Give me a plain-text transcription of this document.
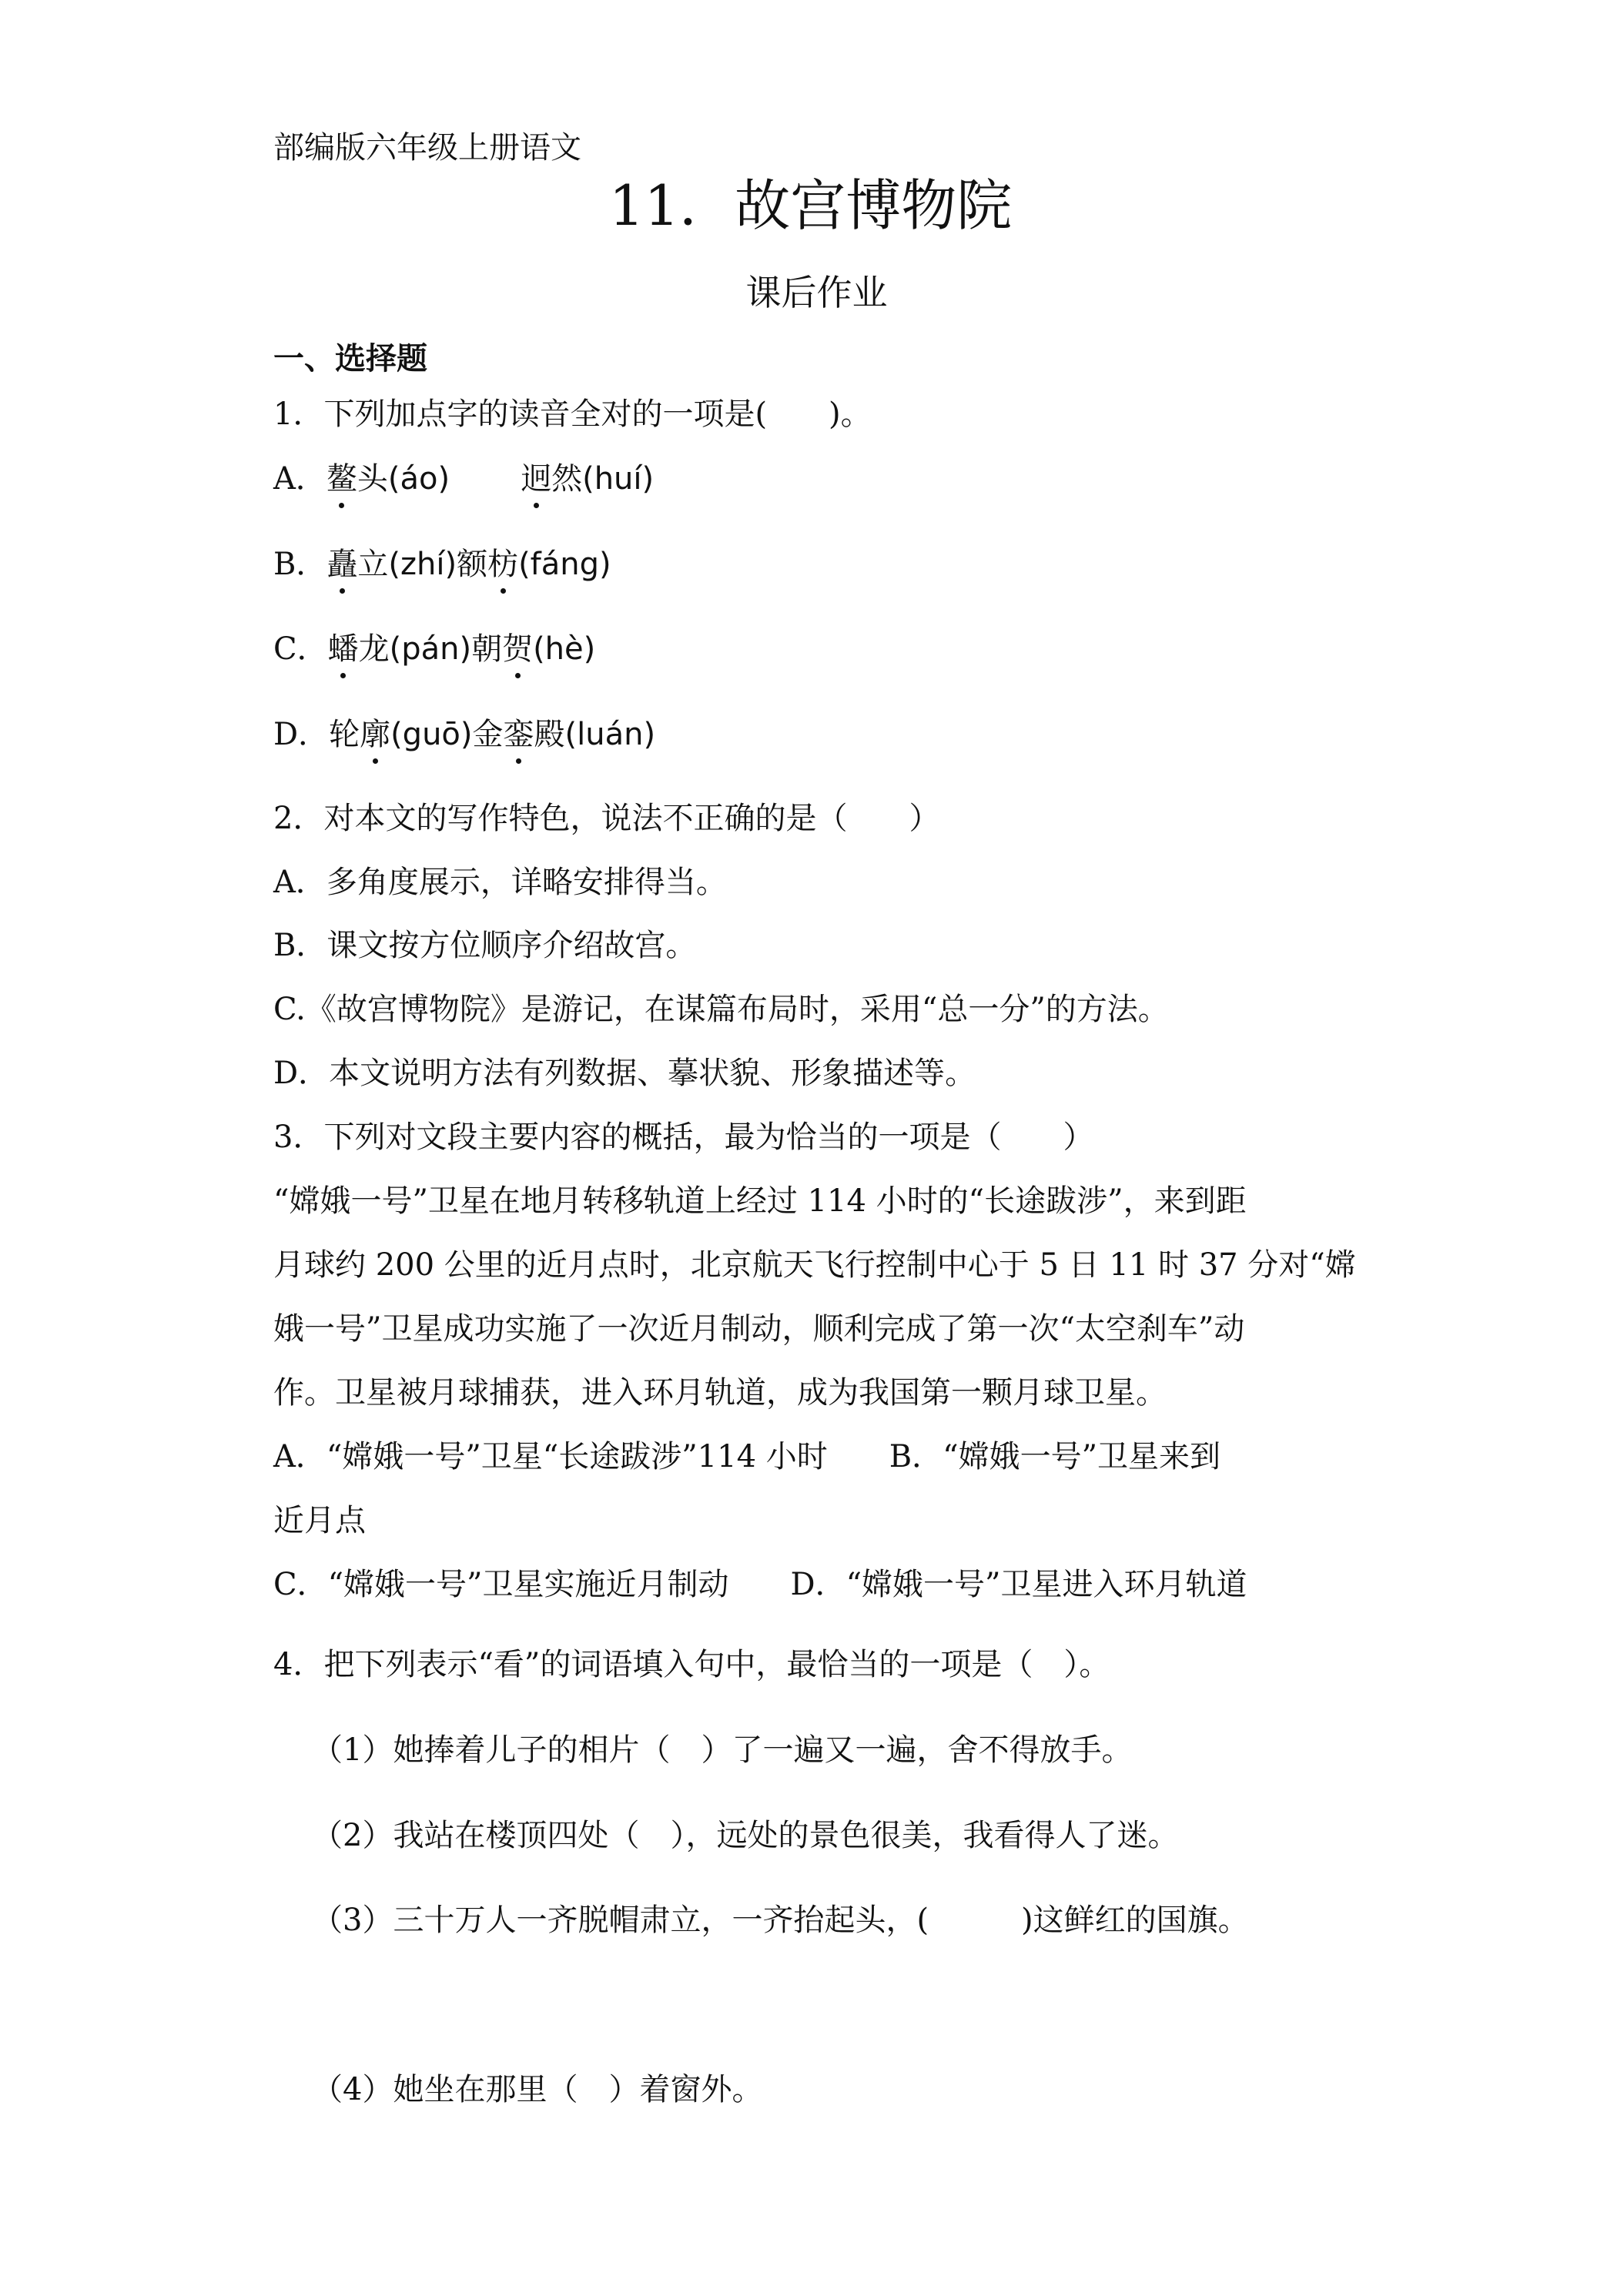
部编版六年级上册语文
11．故宫博物院
课后作业
一、选择题
1．下列加点字的读音全对的一项是(　　)。
A．鳌头(áo) 迥然(huí)
B．矗立(zhí)额枋(fáng)
C．蟠龙(pán)朝贺(hè)
D．轮廓(guō)金銮殿(luán)
2．对本文的写作特色，说法不正确的是（　　）
A．多角度展示，详略安排得当。
B．课文按方位顺序介绍故宫。
C.《故宫博物院》是游记，在谋篇布局时，采用“总一分”的方法。
D．本文说明方法有列数据、摹状貌、形象描述等。
3．下列对文段主要内容的概括，最为恰当的一项是（　　）
“嫦娥一号”卫星在地月转移轨道上经过 114 小时的“长途跋涉”，来到距
月球约 200 公里的近月点时，北京航天飞行控制中心于 5 日 11 时 37 分对“嫦
娥一号”卫星成功实施了一次近月制动，顺利完成了第一次“太空刹车”动
作。卫星被月球捕获，进入环月轨道，成为我国第一颗月球卫星。
A．“嫦娥一号”卫星“长途跋涉”114 小时　　B．“嫦娥一号”卫星来到
近月点
C．“嫦娥一号”卫星实施近月制动　　D．“嫦娥一号”卫星进入环月轨道
4．把下列表示“看”的词语填入句中，最恰当的一项是（　）。
（1）她捧着儿子的相片（　）了一遍又一遍，舍不得放手。
（2）我站在楼顶四处（　），远处的景色很美，我看得人了迷。
（3）三十万人一齐脱帽肃立，一齐抬起头，(　　　)这鲜红的国旗。
（4）她坐在那里（　）着窗外。
